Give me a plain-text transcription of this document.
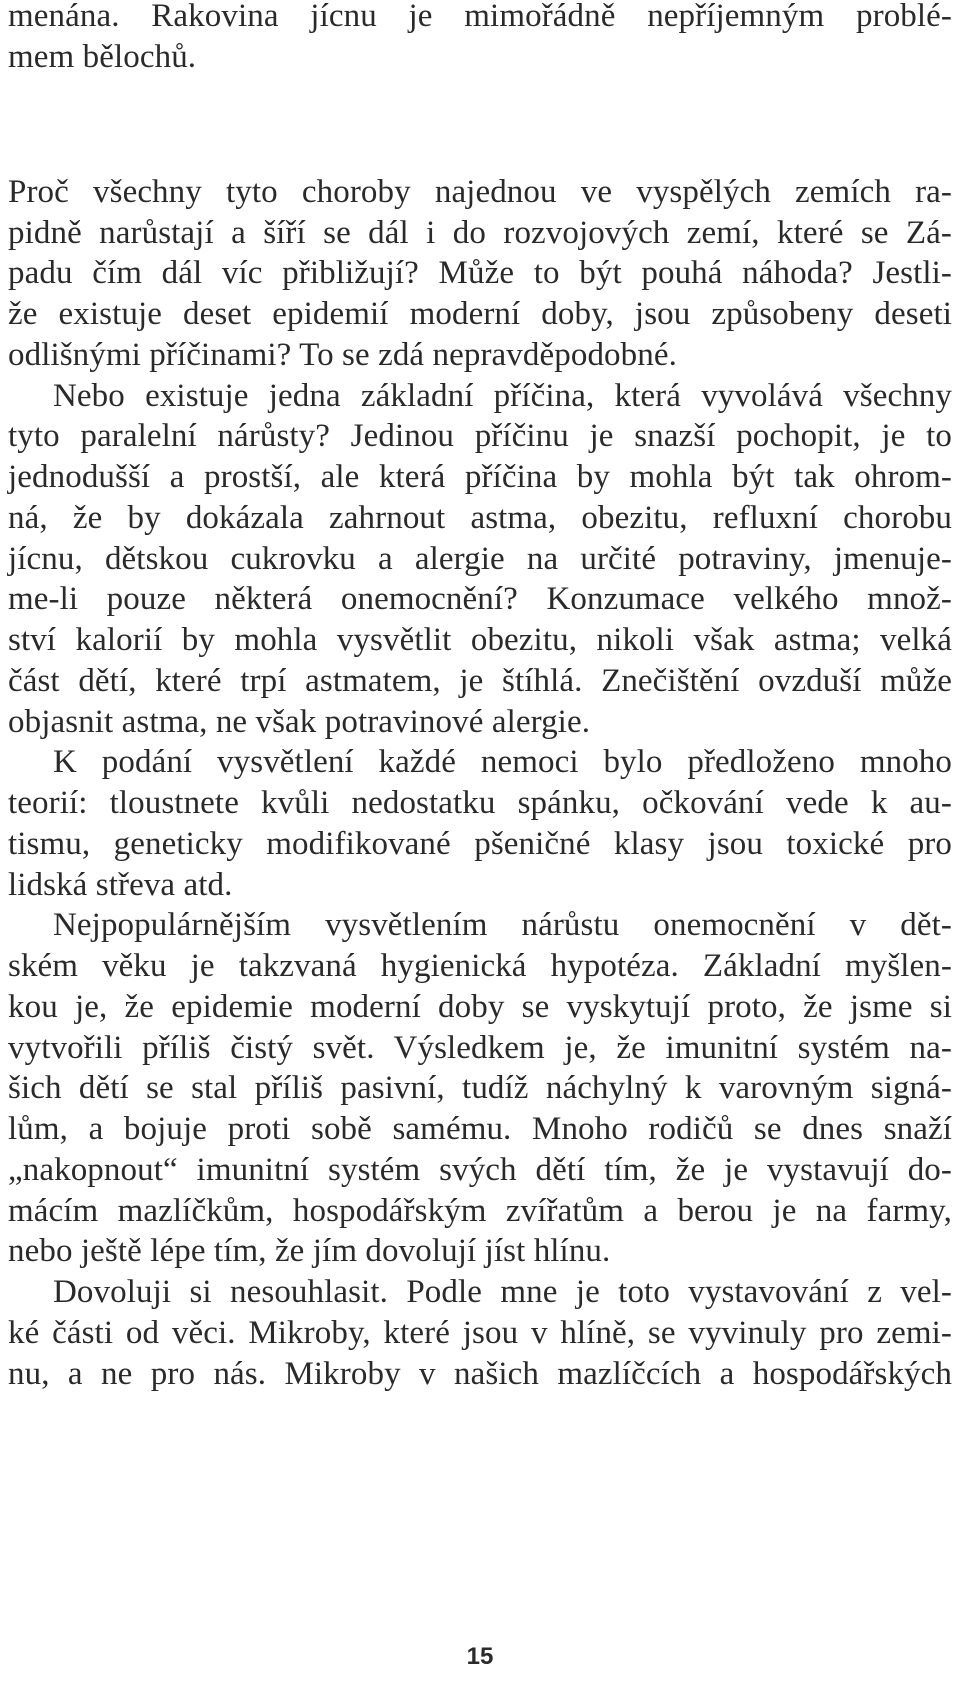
menána. Rakovina jícnu je mimořádně nepříjemným problé-
mem bělochů.
Proč všechny tyto choroby najednou ve vyspělých zemích ra-
pidně narůstají a šíří se dál i do rozvojových zemí, které se Zá-
padu čím dál víc přibližují? Může to být pouhá náhoda? Jestli-
že existuje deset epidemií moderní doby, jsou způsobeny deseti
odlišnými příčinami? To se zdá nepravděpodobné.
Nebo existuje jedna základní příčina, která vyvolává všechny
tyto paralelní nárůsty? Jedinou příčinu je snazší pochopit, je to
jednodušší a prostší, ale která příčina by mohla být tak ohrom-
ná, že by dokázala zahrnout astma, obezitu, refluxní chorobu
jícnu, dětskou cukrovku a alergie na určité potraviny, jmenuje-
me-li pouze některá onemocnění? Konzumace velkého množ-
ství kalorií by mohla vysvětlit obezitu, nikoli však astma; velká
část dětí, které trpí astmatem, je štíhlá. Znečištění ovzduší může
objasnit astma, ne však potravinové alergie.
K podání vysvětlení každé nemoci bylo předloženo mnoho
teorií: tloustnete kvůli nedostatku spánku, očkování vede k au-
tismu, geneticky modifikované pšeničné klasy jsou toxické pro
lidská střeva atd.
Nejpopulárnějším vysvětlením nárůstu onemocnění v dět-
ském věku je takzvaná hygienická hypotéza. Základní myšlen-
kou je, že epidemie moderní doby se vyskytují proto, že jsme si
vytvořili příliš čistý svět. Výsledkem je, že imunitní systém na-
šich dětí se stal příliš pasivní, tudíž náchylný k varovným signá-
lům, a bojuje proti sobě samému. Mnoho rodičů se dnes snaží
„nakopnout“ imunitní systém svých dětí tím, že je vystavují do-
mácím mazlíčkům, hospodářským zvířatům a berou je na farmy,
nebo ještě lépe tím, že jím dovolují jíst hlínu.
Dovoluji si nesouhlasit. Podle mne je toto vystavování z vel-
ké části od věci. Mikroby, které jsou v hlíně, se vyvinuly pro zemi-
nu, a ne pro nás. Mikroby v našich mazlíčcích a hospodářských
15
